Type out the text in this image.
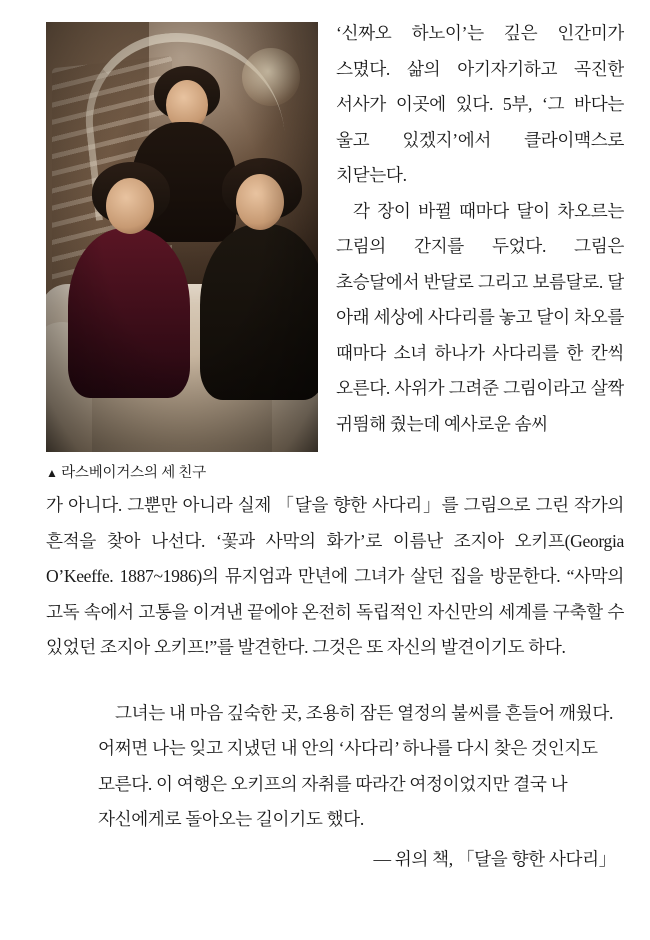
▲ 라스베이거스의 세 친구

‘신짜오 하노이’는 깊은 인간미가 스몄다. 삶의 아기자기하고 곡진한 서사가 이곳에 있다. 5부, ‘그 바다는 울고 있겠지’에서 클라이맥스로 치닫는다.

각 장이 바뀔 때마다 달이 차오르는 그림의 간지를 두었다. 그림은 초승달에서 반달로 그리고 보름달로. 달 아래 세상에 사다리를 놓고 달이 차오를 때마다 소녀 하나가 사다리를 한 칸씩 오른다. 사위가 그려준 그림이라고 살짝 귀띔해 줬는데 예사로운 솜씨

가 아니다. 그뿐만 아니라 실제 「달을 향한 사다리」를 그림으로 그린 작가의 흔적을 찾아 나선다. ‘꽃과 사막의 화가’로 이름난 조지아 오키프(Georgia O’Keeffe. 1887~1986)의 뮤지엄과 만년에 그녀가 살던 집을 방문한다. “사막의 고독 속에서 고통을 이겨낸 끝에야 온전히 독립적인 자신만의 세계를 구축할 수 있었던 조지아 오키프!”를 발견한다. 그것은 또 자신의 발견이기도 하다.

그녀는 내 마음 깊숙한 곳, 조용히 잠든 열정의 불씨를 흔들어 깨웠다. 어쩌면 나는 잊고 지냈던 내 안의 ‘사다리’ 하나를 다시 찾은 것인지도 모른다. 이 여행은 오키프의 자취를 따라간 여정이었지만 결국 나 자신에게로 돌아오는 길이기도 했다.

— 위의 책, 「달을 향한 사다리」
